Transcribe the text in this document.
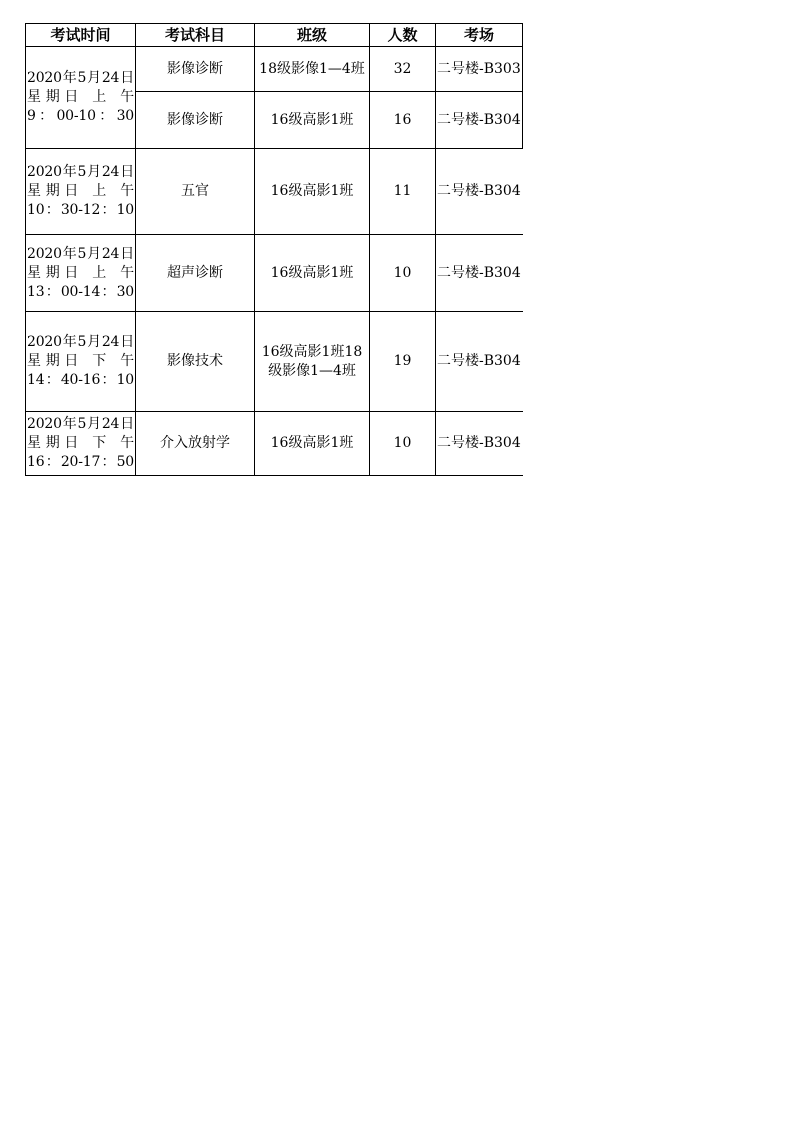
考试时间	考试科目	班级	人数	考场

2020年5月24日
星期日 上 午
9：00-10：30	影像诊断	18级影像1—4班	32	二号楼-B303
	影像诊断	16级高影1班	16	二号楼-B304

2020年5月24日
星期日 上 午
10：30-12：10	五官	16级高影1班	11	二号楼-B304

2020年5月24日
星期日 上 午
13：00-14：30	超声诊断	16级高影1班	10	二号楼-B304

2020年5月24日
星期日 下 午
14：40-16：10	影像技术	16级高影1班18级影像1—4班	19	二号楼-B304

2020年5月24日
星期日 下 午
16：20-17：50	介入放射学	16级高影1班	10	二号楼-B304
